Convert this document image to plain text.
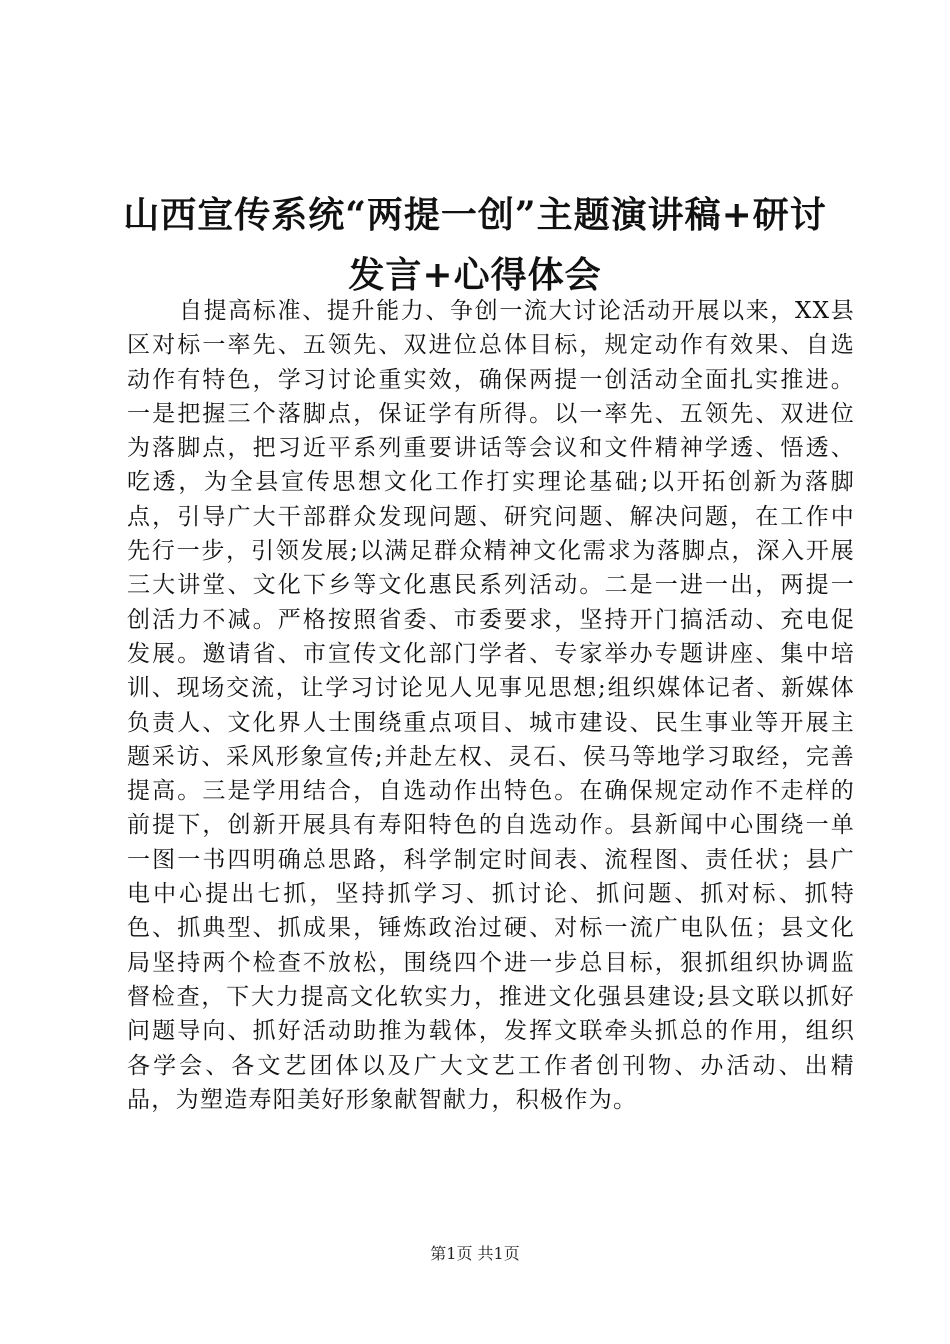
山西宣传系统“两提一创”主题演讲稿+研讨
发言+心得体会

自提高标准、提升能力、争创一流大讨论活动开展以来，XX县区对标一率先、五领先、双进位总体目标，规定动作有效果、自选动作有特色，学习讨论重实效，确保两提一创活动全面扎实推进。一是把握三个落脚点，保证学有所得。以一率先、五领先、双进位为落脚点，把习近平系列重要讲话等会议和文件精神学透、悟透、吃透，为全县宣传思想文化工作打实理论基础;以开拓创新为落脚点，引导广大干部群众发现问题、研究问题、解决问题，在工作中先行一步，引领发展;以满足群众精神文化需求为落脚点，深入开展三大讲堂、文化下乡等文化惠民系列活动。二是一进一出，两提一创活力不减。严格按照省委、市委要求，坚持开门搞活动、充电促发展。邀请省、市宣传文化部门学者、专家举办专题讲座、集中培训、现场交流，让学习讨论见人见事见思想;组织媒体记者、新媒体负责人、文化界人士围绕重点项目、城市建设、民生事业等开展主题采访、采风形象宣传;并赴左权、灵石、侯马等地学习取经，完善提高。三是学用结合，自选动作出特色。在确保规定动作不走样的前提下，创新开展具有寿阳特色的自选动作。县新闻中心围绕一单一图一书四明确总思路，科学制定时间表、流程图、责任状；县广电中心提出七抓，坚持抓学习、抓讨论、抓问题、抓对标、抓特色、抓典型、抓成果，锤炼政治过硬、对标一流广电队伍；县文化局坚持两个检查不放松，围绕四个进一步总目标，狠抓组织协调监督检查，下大力提高文化软实力，推进文化强县建设;县文联以抓好问题导向、抓好活动助推为载体，发挥文联牵头抓总的作用，组织各学会、各文艺团体以及广大文艺工作者创刊物、办活动、出精品，为塑造寿阳美好形象献智献力，积极作为。

第1页 共1页
